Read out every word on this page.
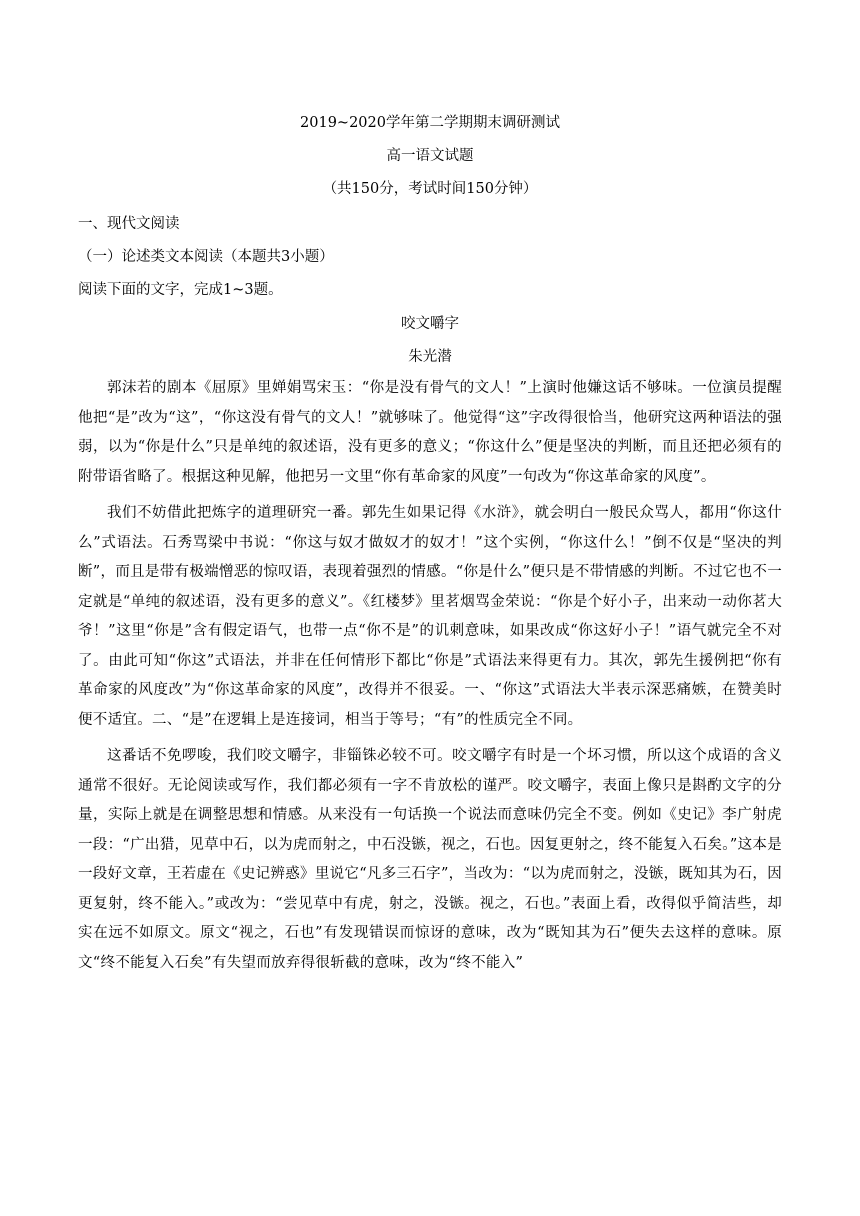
2019~2020学年第二学期期末调研测试
高一语文试题
（共150分，考试时间150分钟）
一、现代文阅读
（一）论述类文本阅读（本题共3小题）
阅读下面的文字，完成1~3题。
咬文嚼字
朱光潜

郭沫若的剧本《屈原》里婵娟骂宋玉：“你是没有骨气的文人！”上演时他嫌这话不够味。一位演员提醒他把“是”改为“这”，“你这没有骨气的文人！”就够味了。他觉得“这”字改得很恰当，他研究这两种语法的强弱，以为“你是什么”只是单纯的叙述语，没有更多的意义；“你这什么”便是坚决的判断，而且还把必须有的附带语省略了。根据这种见解，他把另一文里“你有革命家的风度”一句改为“你这革命家的风度”。

我们不妨借此把炼字的道理研究一番。郭先生如果记得《水浒》，就会明白一般民众骂人，都用“你这什么”式语法。石秀骂梁中书说：“你这与奴才做奴才的奴才！”这个实例，“你这什么！”倒不仅是“坚决的判断”，而且是带有极端憎恶的惊叹语，表现着强烈的情感。“你是什么”便只是不带情感的判断。不过它也不一定就是“单纯的叙述语，没有更多的意义”。《红楼梦》里茗烟骂金荣说：“你是个好小子，出来动一动你茗大爷！”这里“你是”含有假定语气，也带一点“你不是”的讥刺意味，如果改成“你这好小子！”语气就完全不对了。由此可知“你这”式语法，并非在任何情形下都比“你是”式语法来得更有力。其次，郭先生援例把“你有革命家的风度改”为“你这革命家的风度”，改得并不很妥。一、“你这”式语法大半表示深恶痛嫉，在赞美时便不适宜。二、“是”在逻辑上是连接词，相当于等号；“有”的性质完全不同。

这番话不免啰唆，我们咬文嚼字，非锱铢必较不可。咬文嚼字有时是一个坏习惯，所以这个成语的含义通常不很好。无论阅读或写作，我们都必须有一字不肯放松的谨严。咬文嚼字，表面上像只是斟酌文字的分量，实际上就是在调整思想和情感。从来没有一句话换一个说法而意味仍完全不变。例如《史记》李广射虎一段：“广出猎，见草中石，以为虎而射之，中石没镞，视之，石也。因复更射之，终不能复入石矣。”这本是一段好文章，王若虚在《史记辨惑》里说它“凡多三石字”，当改为：“以为虎而射之，没镞，既知其为石，因更复射，终不能入。”或改为：“尝见草中有虎，射之，没镞。视之，石也。”表面上看，改得似乎简洁些，却实在远不如原文。原文“视之，石也”有发现错误而惊讶的意味，改为“既知其为石”便失去这样的意味。原文“终不能复入石矣”有失望而放弃得很斩截的意味，改为“终不能入”
